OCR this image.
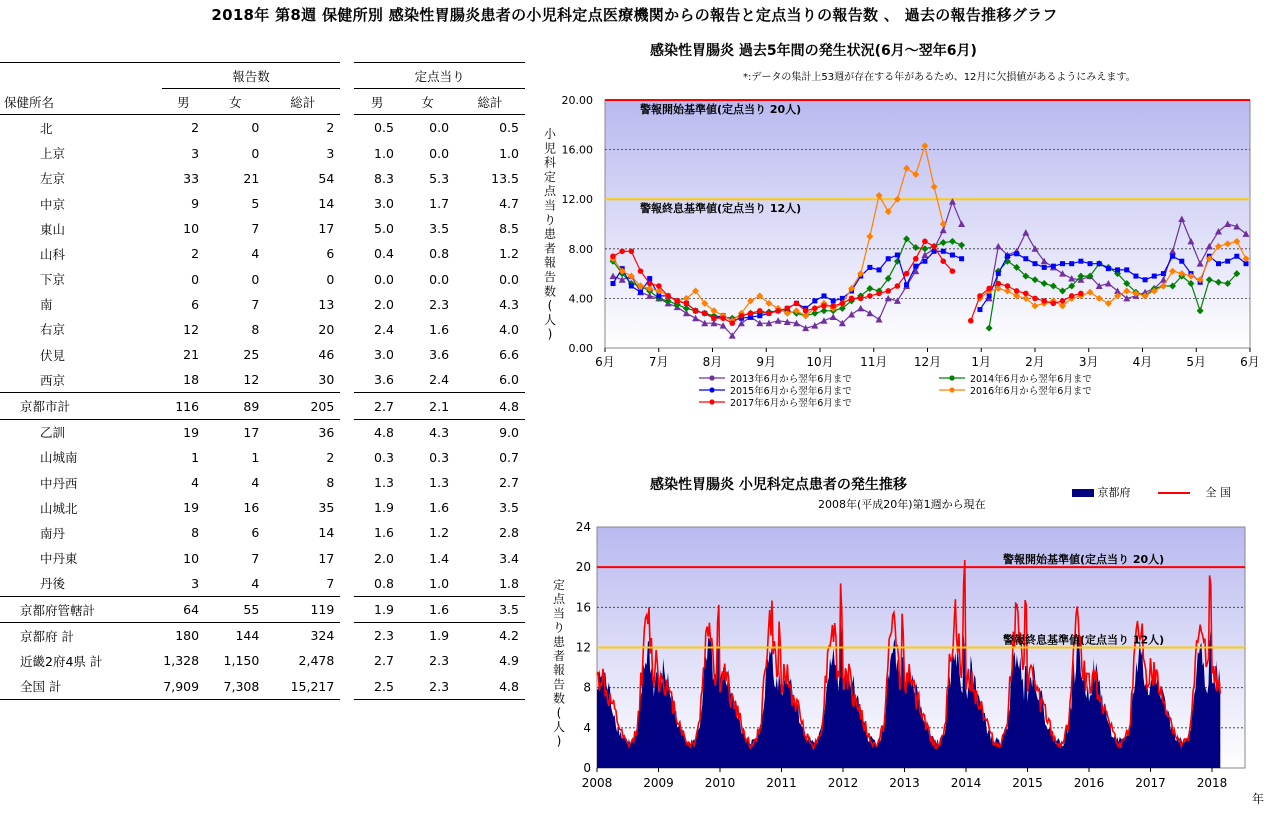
2018年 第8週 保健所別 感染性胃腸炎患者の小児科定点医療機関からの報告と定点当りの報告数 、 過去の報告推移グラフ
	報告数			定点当り		
保健所名	男	女	総計	男	女	総計
北	2	0	2	0.5	0.0	0.5
上京	3	0	3	1.0	0.0	1.0
左京	33	21	54	8.3	5.3	13.5
中京	9	5	14	3.0	1.7	4.7
東山	10	7	17	5.0	3.5	8.5
山科	2	4	6	0.4	0.8	1.2
下京	0	0	0	0.0	0.0	0.0
南	6	7	13	2.0	2.3	4.3
右京	12	8	20	2.4	1.6	4.0
伏見	21	25	46	3.0	3.6	6.6
西京	18	12	30	3.6	2.4	6.0
京都市計	116	89	205	2.7	2.1	4.8
乙訓	19	17	36	4.8	4.3	9.0
山城南	1	1	2	0.3	0.3	0.7
中丹西	4	4	8	1.3	1.3	2.7
山城北	19	16	35	1.9	1.6	3.5
南丹	8	6	14	1.6	1.2	2.8
中丹東	10	7	17	2.0	1.4	3.4
丹後	3	4	7	0.8	1.0	1.8
京都府管轄計	64	55	119	1.9	1.6	3.5
京都府 計	180	144	324	2.3	1.9	4.2
近畿2府4県 計	1,328	1,150	2,478	2.7	2.3	4.9
全国 計	7,909	7,308	15,217	2.5	2.3	4.8
感染性胃腸炎 過去5年間の発生状況(6月〜翌年6月)
*:データの集計上53週が存在する年があるため、12月に欠損値があるようにみえます。
0.00
4.00
8.00
12.00
16.00
20.00
小
児
科
定
点
当
り
患
者
報
告
数
(
人
)
警報開始基準値(定点当り 20人)
警報終息基準値(定点当り 12人)
6月	7月	8月	9月	10月 11月 12月	1月	2月	3月	4月	5月	6月
2013年6月から翌年6月まで	2014年6月から翌年6月まで
2015年6月から翌年6月まで	2016年6月から翌年6月まで
2017年6月から翌年6月まで
感染性胃腸炎 小児科定点患者の発生推移
2008年(平成20年)第1週から現在
京都府	全 国
0
4
8
12
16
20
24
定
点
当
り
患
者
報
告
数
(
人
)
年
2008	2009	2010	2011	2012	2013	2014	2015	2016	2017	2018
警報開始基準値(定点当り 20人)
警報終息基準値(定点当り 12人)
